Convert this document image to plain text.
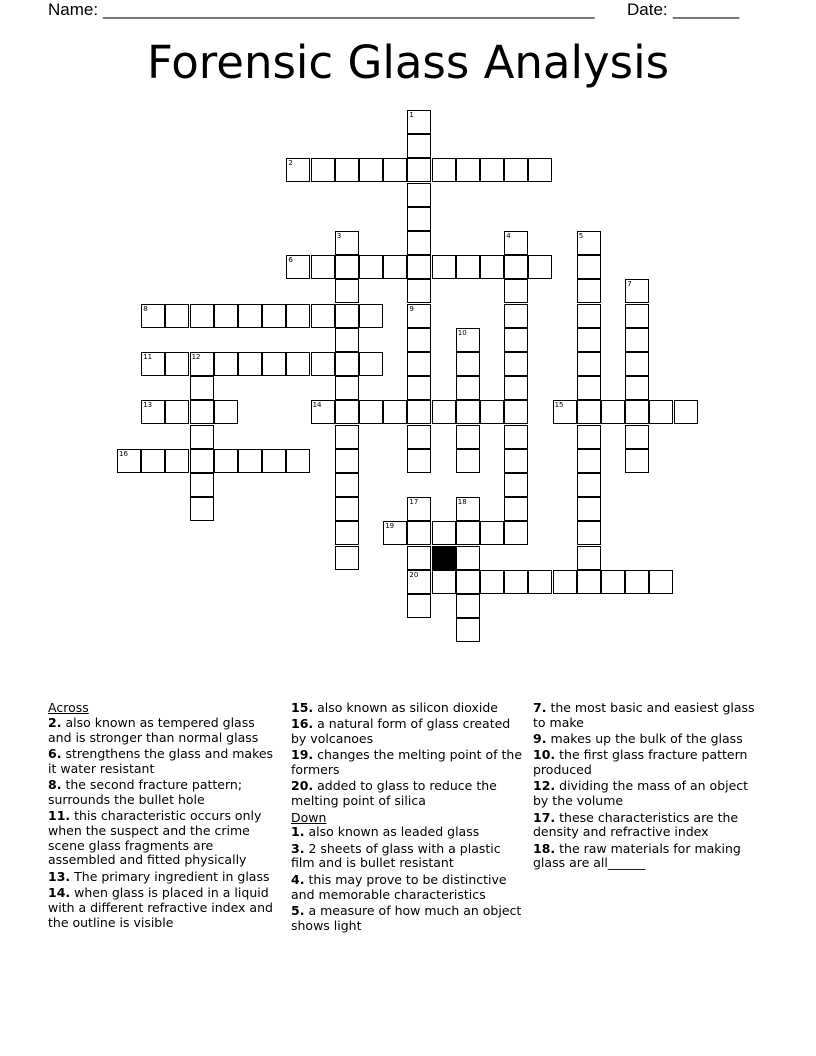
Name: ____________________________________________________ Date: _______
Forensic Glass Analysis
1
2
3	4	5
6
7
8	9
10
11	12
13	14	15
16
17	18
19
20
Across
2. also known as tempered glass and is stronger than normal glass
6. strengthens the glass and makes it water resistant
8. the second fracture pattern; surrounds the bullet hole
11. this characteristic occurs only when the suspect and the crime scene glass fragments are assembled and fitted physically
13. The primary ingredient in glass
14. when glass is placed in a liquid with a different refractive index and the outline is visible
15. also known as silicon dioxide
16. a natural form of glass created by volcanoes
19. changes the melting point of the formers
20. added to glass to reduce the melting point of silica
Down
1. also known as leaded glass
3. 2 sheets of glass with a plastic film and is bullet resistant
4. this may prove to be distinctive and memorable characteristics
5. a measure of how much an object shows light
7. the most basic and easiest glass to make
9. makes up the bulk of the glass
10. the first glass fracture pattern produced
12. dividing the mass of an object by the volume
17. these characteristics are the density and refractive index
18. the raw materials for making glass are all______
